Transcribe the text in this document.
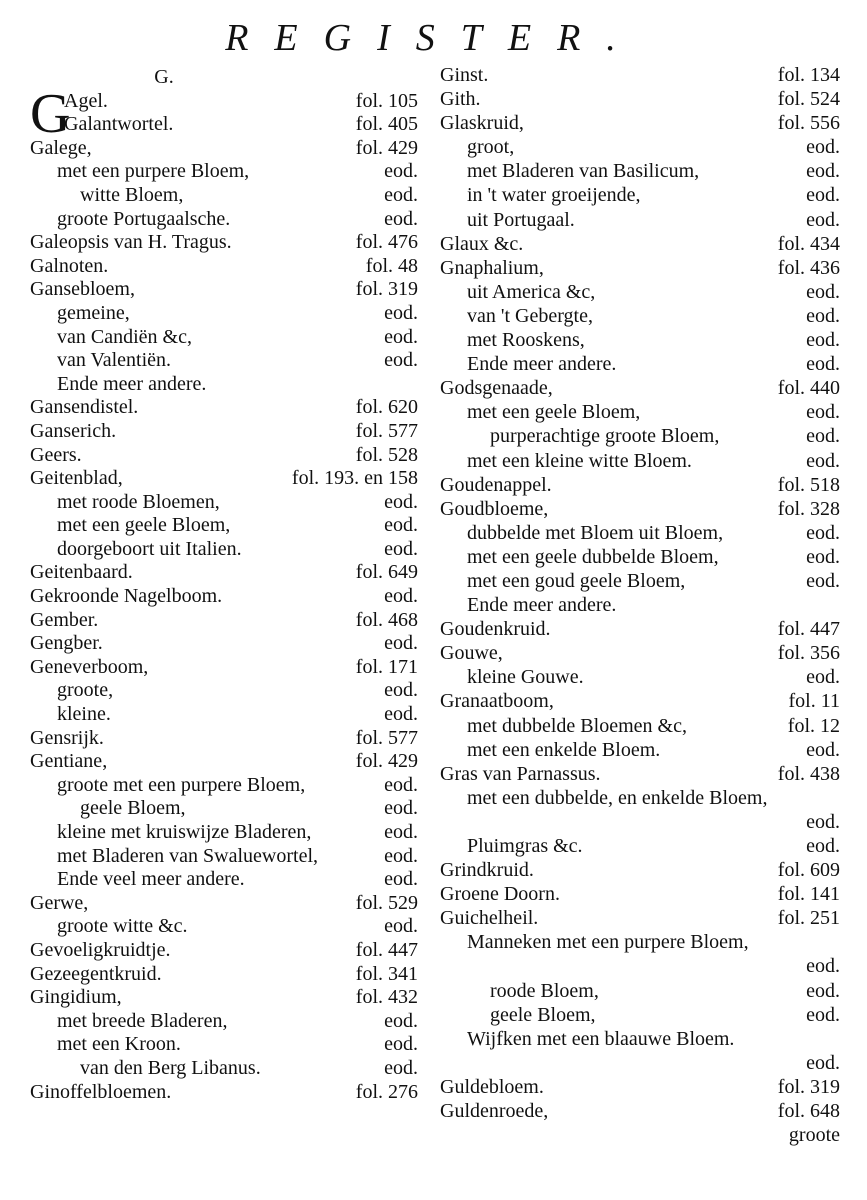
REGISTER.
G.
G
Agel.	fol. 105
Galantwortel.	fol. 405
Galege,	fol. 429
met een purpere Bloem,	eod.
witte Bloem,	eod.
groote Portugaalsche.	eod.
Galeopsis van H. Tragus.	fol. 476
Galnoten.	fol. 48
Gansebloem,	fol. 319
gemeine,	eod.
van Candiën &c,	eod.
van Valentiën.	eod.
Ende meer andere.
Gansendistel.	fol. 620
Ganserich.	fol. 577
Geers.	fol. 528
Geitenblad,	fol. 193. en 158
met roode Bloemen,	eod.
met een geele Bloem,	eod.
doorgeboort uit Italien.	eod.
Geitenbaard.	fol. 649
Gekroonde Nagelboom.	eod.
Gember.	fol. 468
Gengber.	eod.
Geneverboom,	fol. 171
groote,	eod.
kleine.	eod.
Gensrijk.	fol. 577
Gentiane,	fol. 429
groote met een purpere Bloem,	eod.
geele Bloem,	eod.
kleine met kruiswijze Bladeren,	eod.
met Bladeren van Swaluewortel,	eod.
Ende veel meer andere.	eod.
Gerwe,	fol. 529
groote witte &c.	eod.
Gevoeligkruidtje.	fol. 447
Gezeegentkruid.	fol. 341
Gingidium,	fol. 432
met breede Bladeren,	eod.
met een Kroon.	eod.
van den Berg Libanus.	eod.
Ginoffelbloemen.	fol. 276
Ginst.	fol. 134
Gith.	fol. 524
Glaskruid,	fol. 556
groot,	eod.
met Bladeren van Basilicum,	eod.
in 't water groeijende,	eod.
uit Portugaal.	eod.
Glaux &c.	fol. 434
Gnaphalium,	fol. 436
uit America &c,	eod.
van 't Gebergte,	eod.
met Rooskens,	eod.
Ende meer andere.	eod.
Godsgenaade,	fol. 440
met een geele Bloem,	eod.
purperachtige groote Bloem,	eod.
met een kleine witte Bloem.	eod.
Goudenappel.	fol. 518
Goudbloeme,	fol. 328
dubbelde met Bloem uit Bloem,	eod.
met een geele dubbelde Bloem,	eod.
met een goud geele Bloem,	eod.
Ende meer andere.
Goudenkruid.	fol. 447
Gouwe,	fol. 356
kleine Gouwe.	eod.
Granaatboom,	fol. 11
met dubbelde Bloemen &c,	fol. 12
met een enkelde Bloem.	eod.
Gras van Parnassus.	fol. 438
met een dubbelde, en enkelde Bloem,
eod.
Pluimgras &c.	eod.
Grindkruid.	fol. 609
Groene Doorn.	fol. 141
Guichelheil.	fol. 251
Manneken met een purpere Bloem,
eod.
roode Bloem,	eod.
geele Bloem,	eod.
Wijfken met een blaauwe Bloem.
eod.
Guldebloem.	fol. 319
Guldenroede,	fol. 648
groote
